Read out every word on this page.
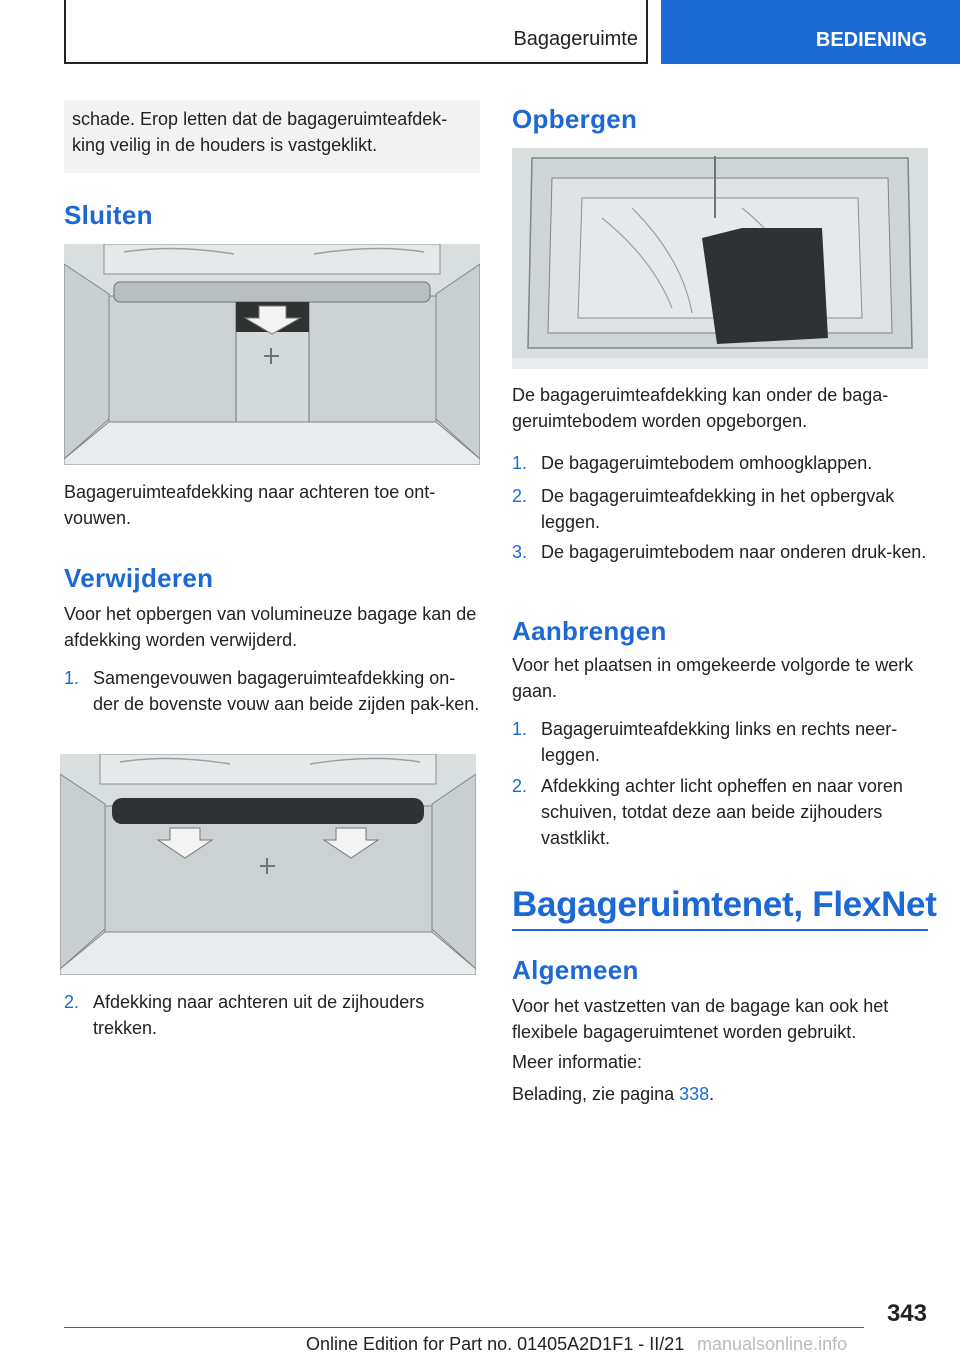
Bagageruimte	BEDIENING
schade. Erop letten dat de bagageruimteafdek-king veilig in de houders is vastgeklikt.
Sluiten

Bagageruimteafdekking naar achteren toe ont-vouwen.

Verwijderen

Voor het opbergen van volumineuze bagage kan de afdekking worden verwijderd.

1. Samengevouwen bagageruimteafdekking on-der de bovenste vouw aan beide zijden pak-ken.
2. Afdekking naar achteren uit de zijhouders trekken.
Opbergen

De bagageruimteafdekking kan onder de baga-geruimtebodem worden opgeborgen.

1. De bagageruimtebodem omhoogklappen.
2. De bagageruimteafdekking in het opbergvak leggen.
3. De bagageruimtebodem naar onderen druk-ken.
Aanbrengen

Voor het plaatsen in omgekeerde volgorde te werk gaan.

1. Bagageruimteafdekking links en rechts neer-leggen.
2. Afdekking achter licht opheffen en naar voren schuiven, totdat deze aan beide zijhouders vastklikt.
Bagageruimtenet, FlexNet
Algemeen

Voor het vastzetten van de bagage kan ook het flexibele bagageruimtenet worden gebruikt.

Meer informatie:

Belading, zie pagina 338.

343
Online Edition for Part no. 01405A2D1F1 - II/21 manualsonline.info
